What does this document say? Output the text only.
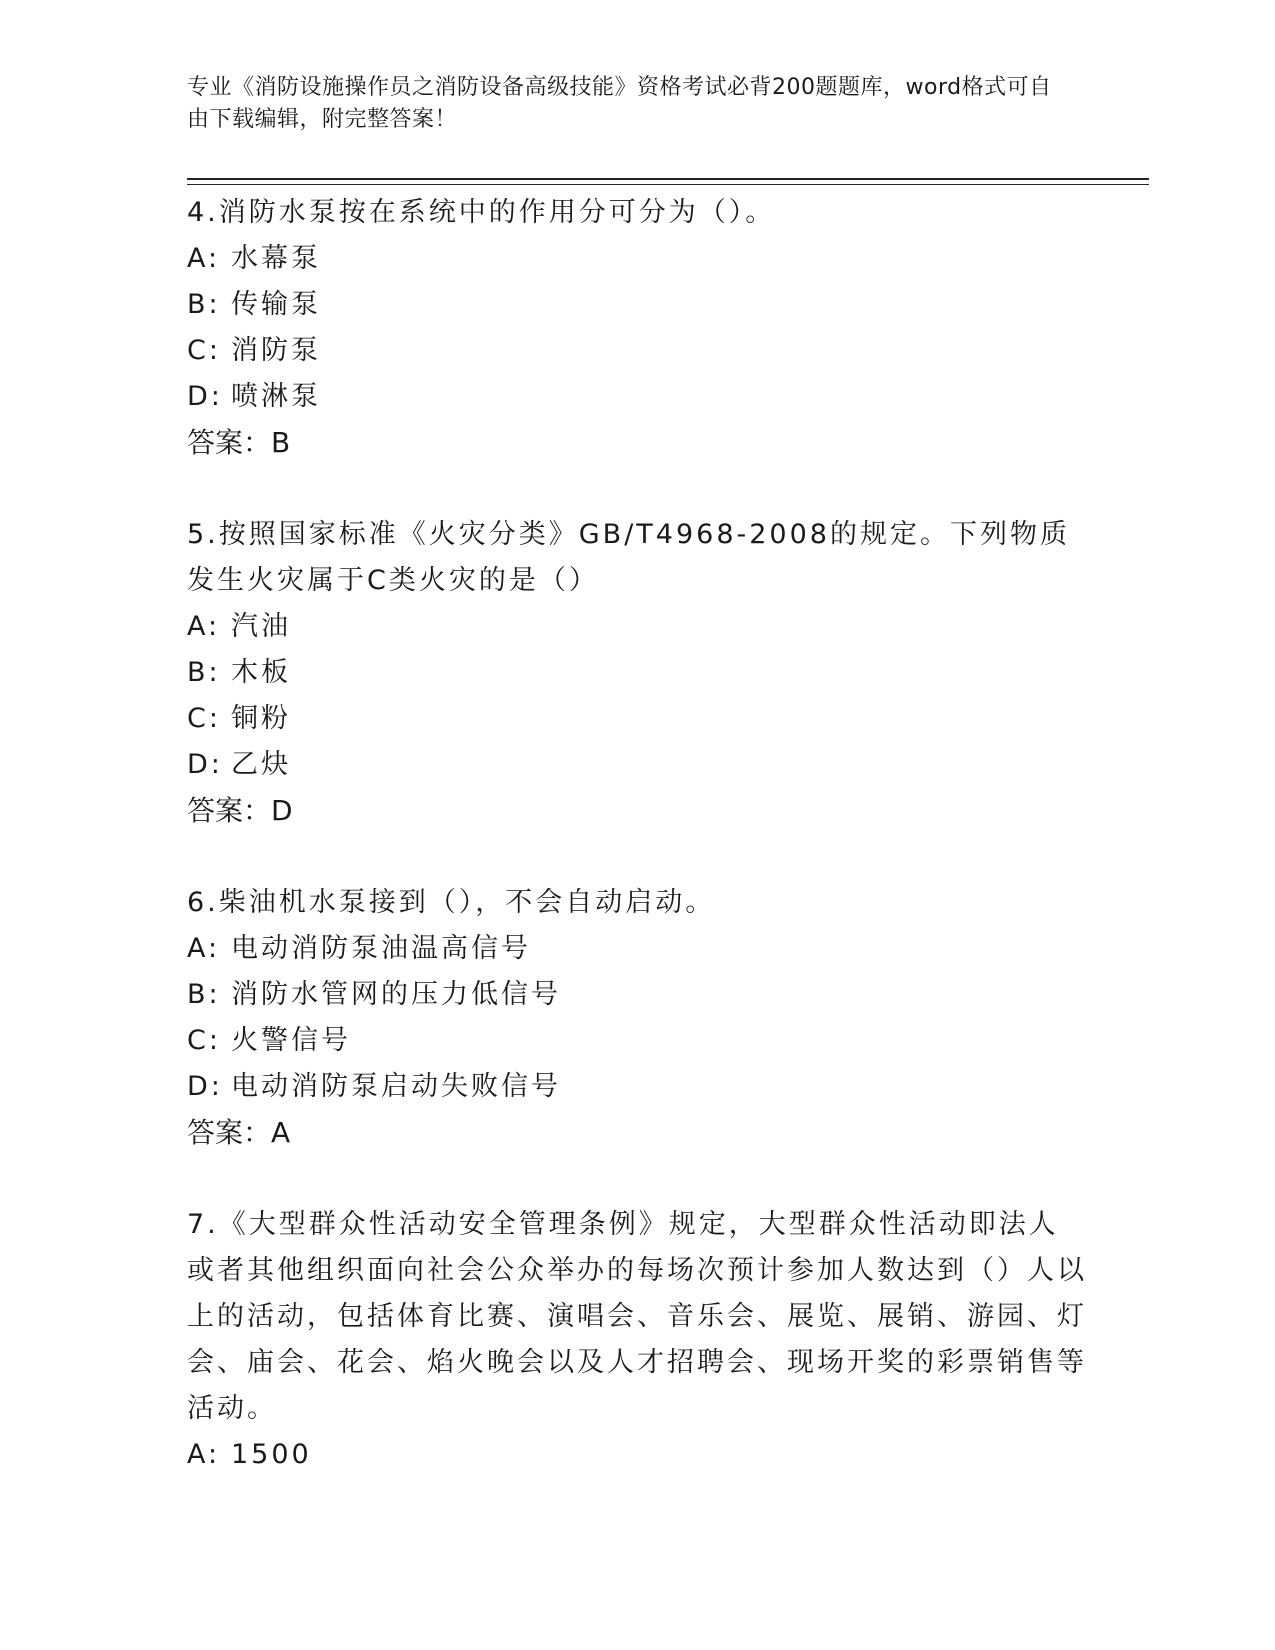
专业《消防设施操作员之消防设备高级技能》资格考试必背200题题库，word格式可自由下载编辑，附完整答案！
4.消防水泵按在系统中的作用分可分为（）。
A: 水幕泵
B: 传输泵
C: 消防泵
D: 喷淋泵
答案：B
5.按照国家标准《火灾分类》GB/T4968-2008的规定。下列物质发生火灾属于C类火灾的是（）
A: 汽油
B: 木板
C: 铜粉
D: 乙炔
答案：D
6.柴油机水泵接到（），不会自动启动。
A: 电动消防泵油温高信号
B: 消防水管网的压力低信号
C: 火警信号
D: 电动消防泵启动失败信号
答案：A
7.《大型群众性活动安全管理条例》规定，大型群众性活动即法人或者其他组织面向社会公众举办的每场次预计参加人数达到（）人以上的活动，包括体育比赛、演唱会、音乐会、展览、展销、游园、灯会、庙会、花会、焰火晚会以及人才招聘会、现场开奖的彩票销售等活动。
A: 1500
